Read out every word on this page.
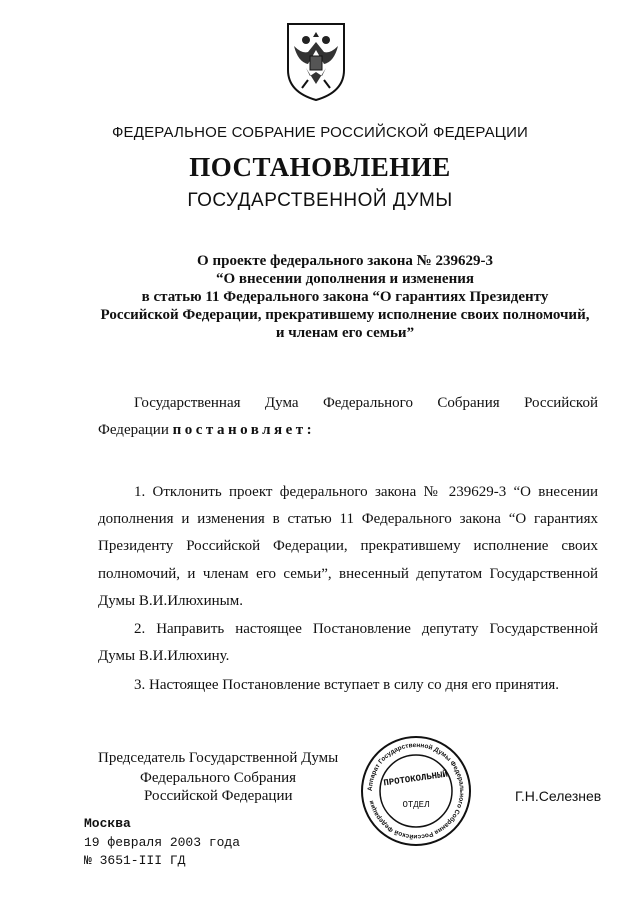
ФЕДЕРАЛЬНОЕ СОБРАНИЕ РОССИЙСКОЙ ФЕДЕРАЦИИ
ПОСТАНОВЛЕНИЕ
ГОСУДАРСТВЕННОЙ ДУМЫ
О проекте федерального закона № 239629-3
“О внесении дополнения и изменения
в статью 11 Федерального закона “О гарантиях Президенту
Российской Федерации, прекратившему исполнение своих полномочий,
и членам его семьи”
Государственная Дума Федерального Собрания Российской
Федерации постановляет:
1. Отклонить проект федерального закона № 239629-3 “О внесении
дополнения и изменения в статью 11 Федерального закона “О гарантиях
Президенту Российской Федерации, прекратившему исполнение своих
полномочий, и членам его семьи”, внесенный депутатом Государственной
Думы В.И.Илюхиным.
2. Направить настоящее Постановление депутату Государственной
Думы В.И.Илюхину.
3. Настоящее Постановление вступает в силу со дня его принятия.
Председатель Государственной Думы
Федерального Собрания
Российской Федерации	Г.Н.Селезнев
Аппарат Государственной Думы Федерального Собрания Российской Федерации
ПРОТОКОЛЬНЫЙ
ОТДЕЛ
Москва
19 февраля 2003 года
№ 3651-III ГД
